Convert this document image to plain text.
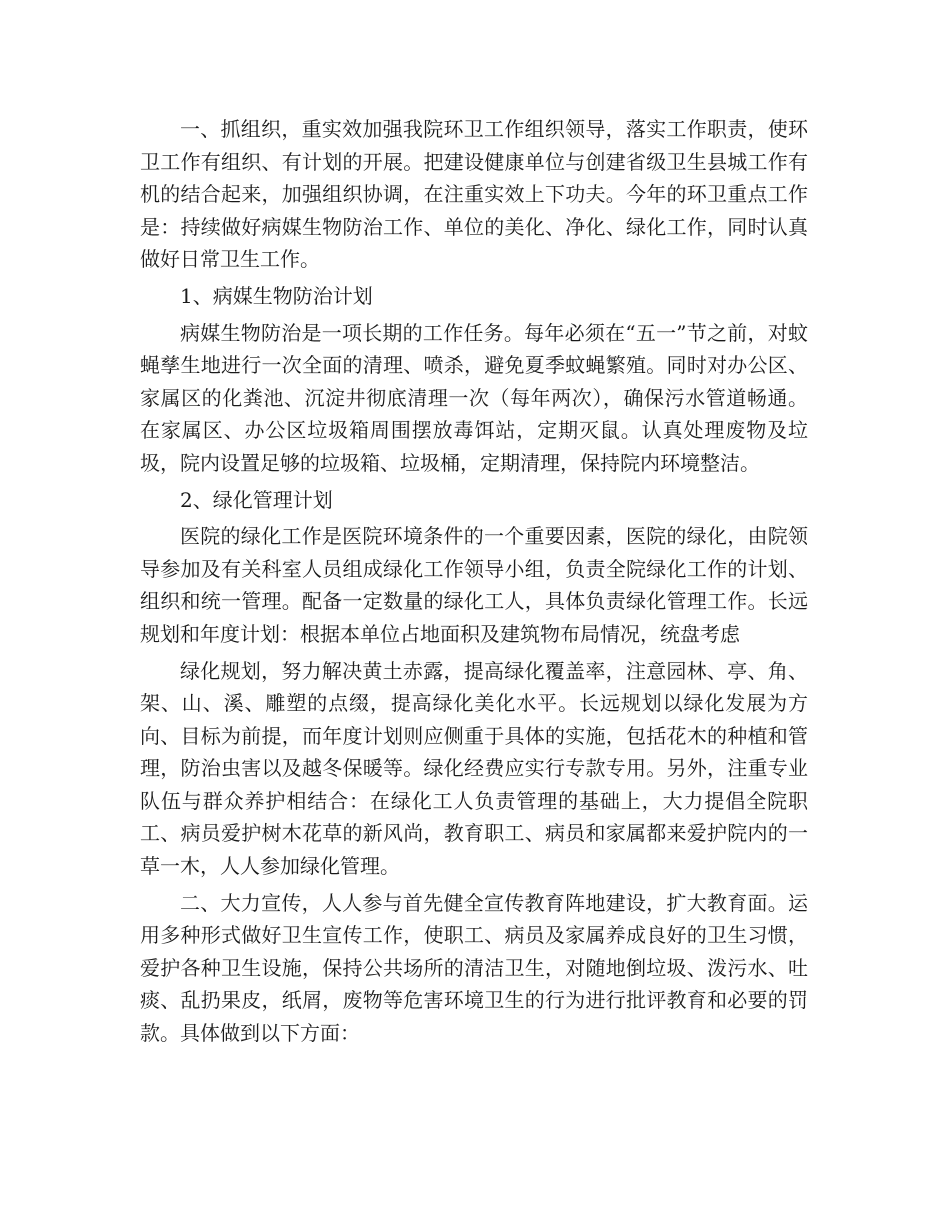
一、抓组织，重实效加强我院环卫工作组织领导，落实工作职责，使环卫工作有组织、有计划的开展。把建设健康单位与创建省级卫生县城工作有机的结合起来，加强组织协调，在注重实效上下功夫。今年的环卫重点工作是：持续做好病媒生物防治工作、单位的美化、净化、绿化工作，同时认真做好日常卫生工作。

1、病媒生物防治计划

病媒生物防治是一项长期的工作任务。每年必须在“五一”节之前，对蚊蝇孳生地进行一次全面的清理、喷杀，避免夏季蚊蝇繁殖。同时对办公区、家属区的化粪池、沉淀井彻底清理一次（每年两次），确保污水管道畅通。在家属区、办公区垃圾箱周围摆放毒饵站，定期灭鼠。认真处理废物及垃圾，院内设置足够的垃圾箱、垃圾桶，定期清理，保持院内环境整洁。

2、绿化管理计划

医院的绿化工作是医院环境条件的一个重要因素，医院的绿化，由院领导参加及有关科室人员组成绿化工作领导小组，负责全院绿化工作的计划、组织和统一管理。配备一定数量的绿化工人，具体负责绿化管理工作。长远规划和年度计划：根据本单位占地面积及建筑物布局情况，统盘考虑

绿化规划，努力解决黄土赤露，提高绿化覆盖率，注意园林、亭、角、架、山、溪、雕塑的点缀，提高绿化美化水平。长远规划以绿化发展为方向、目标为前提，而年度计划则应侧重于具体的实施，包括花木的种植和管理，防治虫害以及越冬保暖等。绿化经费应实行专款专用。另外，注重专业队伍与群众养护相结合：在绿化工人负责管理的基础上，大力提倡全院职工、病员爱护树木花草的新风尚，教育职工、病员和家属都来爱护院内的一草一木，人人参加绿化管理。

二、大力宣传，人人参与首先健全宣传教育阵地建设，扩大教育面。运用多种形式做好卫生宣传工作，使职工、病员及家属养成良好的卫生习惯，爱护各种卫生设施，保持公共场所的清洁卫生，对随地倒垃圾、泼污水、吐痰、乱扔果皮，纸屑，废物等危害环境卫生的行为进行批评教育和必要的罚款。具体做到以下方面：
